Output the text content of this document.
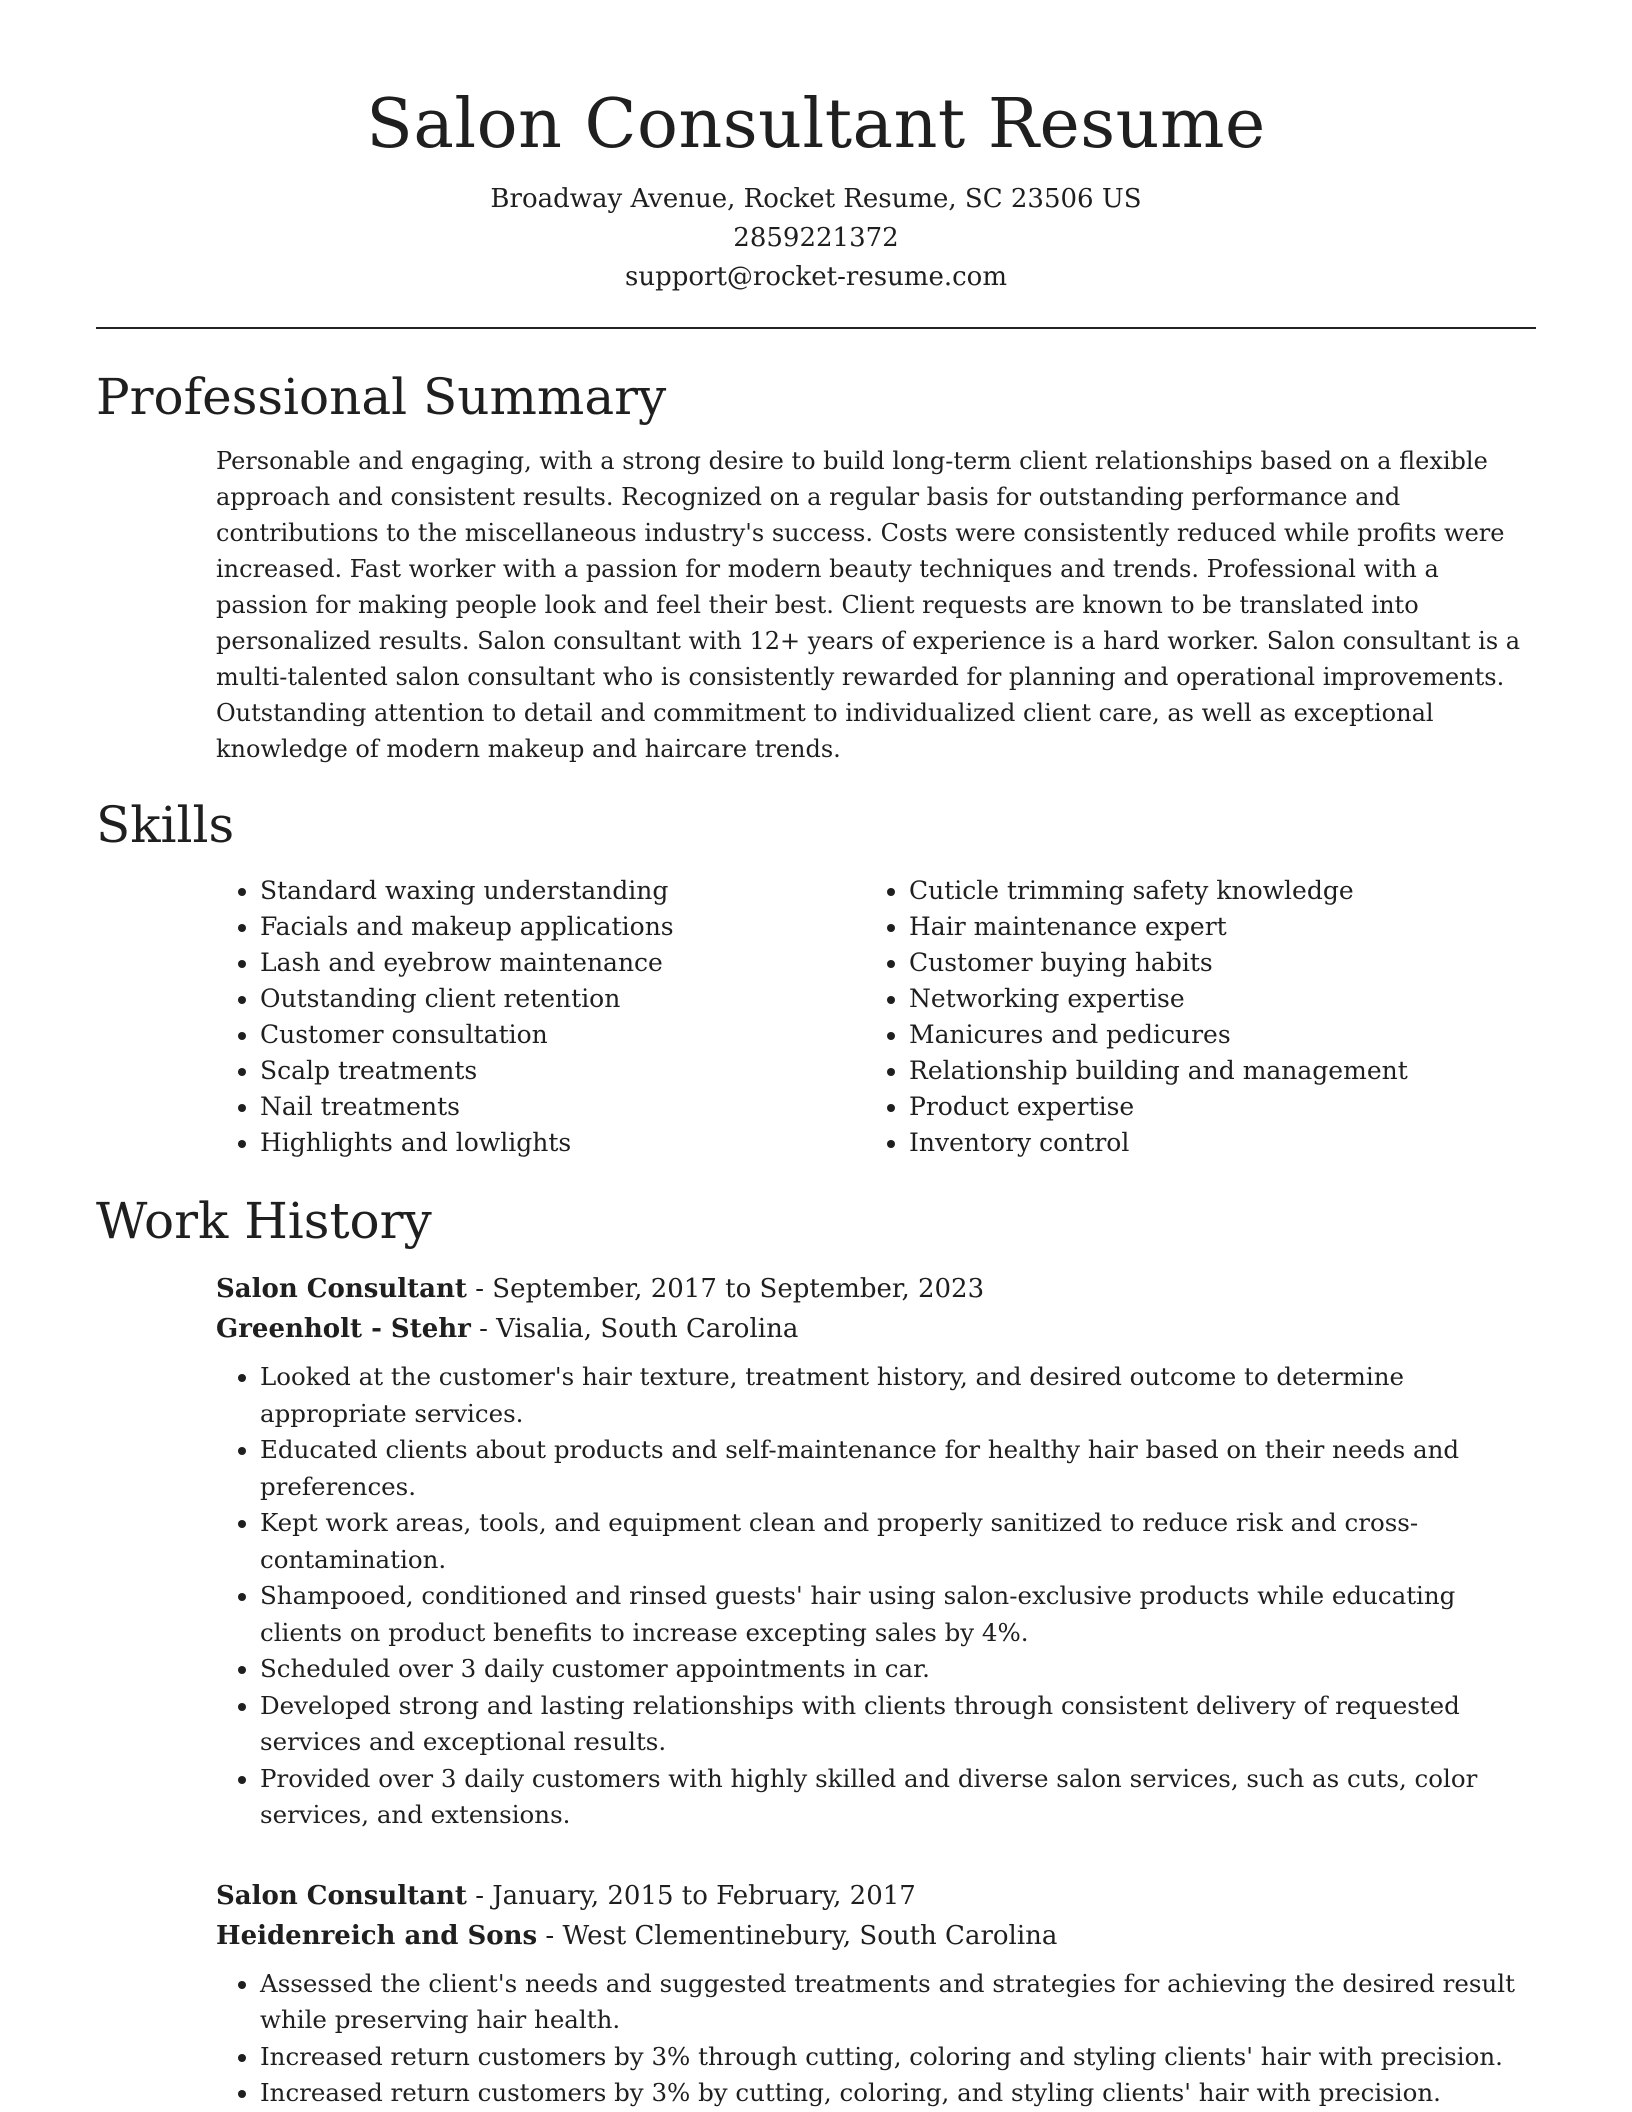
Salon Consultant Resume
Broadway Avenue, Rocket Resume, SC 23506 US
2859221372
support@rocket-resume.com
Professional Summary

Personable and engaging, with a strong desire to build long-term client relationships based on a flexible approach and consistent results. Recognized on a regular basis for outstanding performance and contributions to the miscellaneous industry's success. Costs were consistently reduced while profits were increased. Fast worker with a passion for modern beauty techniques and trends. Professional with a passion for making people look and feel their best. Client requests are known to be translated into personalized results. Salon consultant with 12+ years of experience is a hard worker. Salon consultant is a multi-talented salon consultant who is consistently rewarded for planning and operational improvements. Outstanding attention to detail and commitment to individualized client care, as well as exceptional knowledge of modern makeup and haircare trends.

Skills
• Standard waxing understanding
• Facials and makeup applications
• Lash and eyebrow maintenance
• Outstanding client retention
• Customer consultation
• Scalp treatments
• Nail treatments
• Highlights and lowlights
• Cuticle trimming safety knowledge
• Hair maintenance expert
• Customer buying habits
• Networking expertise
• Manicures and pedicures
• Relationship building and management
• Product expertise
• Inventory control
Work History
Salon Consultant - September, 2017 to September, 2023
Greenholt - Stehr - Visalia, South Carolina
• Looked at the customer's hair texture, treatment history, and desired outcome to determine appropriate services.
• Educated clients about products and self-maintenance for healthy hair based on their needs and preferences.
• Kept work areas, tools, and equipment clean and properly sanitized to reduce risk and cross-contamination.
• Shampooed, conditioned and rinsed guests' hair using salon-exclusive products while educating clients on product benefits to increase excepting sales by 4%.
• Scheduled over 3 daily customer appointments in car.
• Developed strong and lasting relationships with clients through consistent delivery of requested services and exceptional results.
• Provided over 3 daily customers with highly skilled and diverse salon services, such as cuts, color services, and extensions.
Salon Consultant - January, 2015 to February, 2017
Heidenreich and Sons - West Clementinebury, South Carolina
• Assessed the client's needs and suggested treatments and strategies for achieving the desired result while preserving hair health.
• Increased return customers by 3% through cutting, coloring and styling clients' hair with precision.
• Increased return customers by 3% by cutting, coloring, and styling clients' hair with precision.
